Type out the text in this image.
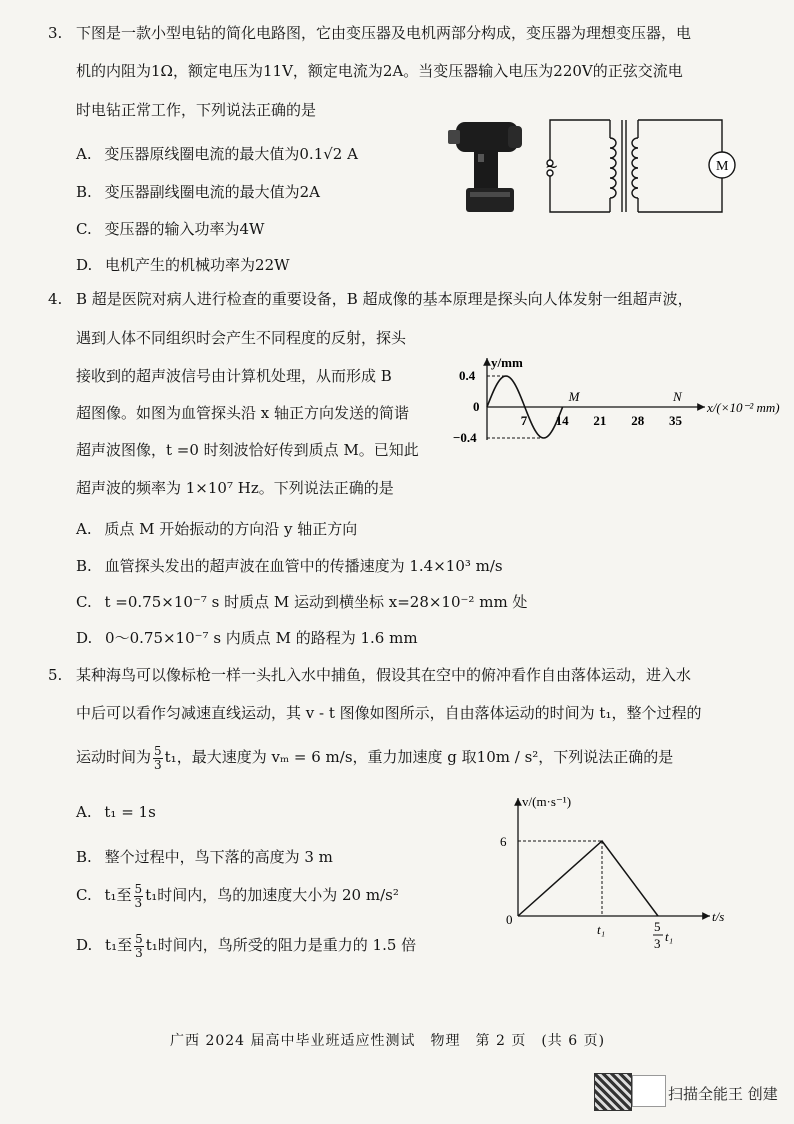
3. 下图是一款小型电钻的简化电路图，它由变压器及电机两部分构成，变压器为理想变压器，电
机的内阻为1Ω，额定电压为11V，额定电流为2A。当变压器输入电压为220V的正弦交流电
时电钻正常工作，下列说法正确的是
A. 变压器原线圈电流的最大值为0.1√2 A
B. 变压器副线圈电流的最大值为2A
C. 变压器的输入功率为4W
D. 电机产生的机械功率为22W
~	M
4. B 超是医院对病人进行检查的重要设备，B 超成像的基本原理是探头向人体发射一组超声波，
遇到人体不同组织时会产生不同程度的反射，探头
接收到的超声波信号由计算机处理，从而形成 B
超图像。如图为血管探头沿 x 轴正方向发送的简谐
超声波图像，t =0 时刻波恰好传到质点 M。已知此
超声波的频率为 1×10⁷ Hz。下列说法正确的是
A. 质点 M 开始振动的方向沿 y 轴正方向
B. 血管探头发出的超声波在血管中的传播速度为 1.4×10³ m/s
C. t =0.75×10⁻⁷ s 时质点 M 运动到横坐标 x=28×10⁻² mm 处
D. 0～0.75×10⁻⁷ s 内质点 M 的路程为 1.6 mm
y/mm
0.4
0
−0.4
7 14 21 28 35
M	N
x/(×10⁻² mm)
5. 某种海鸟可以像标枪一样一头扎入水中捕鱼，假设其在空中的俯冲看作自由落体运动，进入水
中后可以看作匀减速直线运动，其 v - t 图像如图所示，自由落体运动的时间为 t₁，整个过程的
运动时间为 $\frac{5}{3} t_1$，最大速度为 vₘ = 6 m/s，重力加速度 g 取10m / s²，下列说法正确的是
A. t₁ = 1s
B. 整个过程中，鸟下落的高度为 3 m
C. t₁至 $\frac{5}{3} t_1$时间内，鸟的加速度大小为 20 m/s²
D. t₁至 $\frac{5}{3} t_1$时间内，鸟所受的阻力是重力的 1.5 倍
v/(m·s⁻¹)
6
0	t/s
t₁	5
3 t₁
广西 2024 届高中毕业班适应性测试　物理　第 2 页　(共 6 页)
扫描全能王 创建
